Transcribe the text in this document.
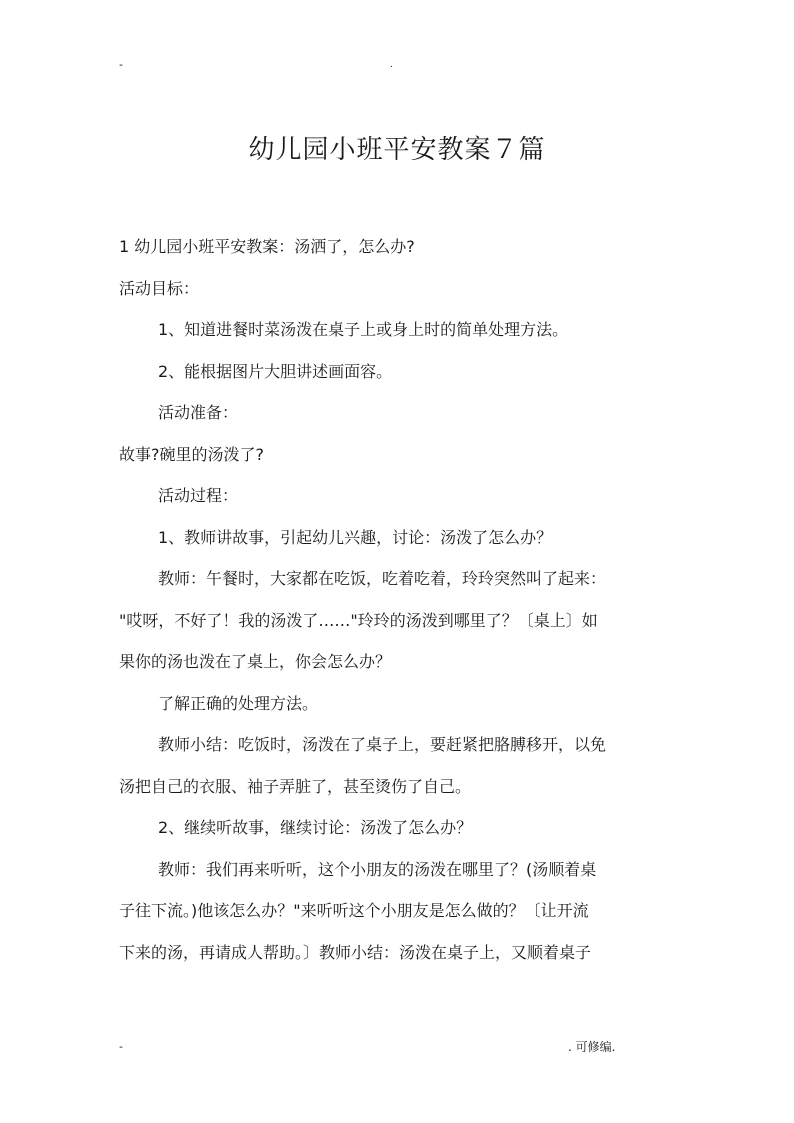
-	.
幼儿园小班平安教案７篇

1 幼儿园小班平安教案：汤洒了，怎么办?

活动目标：

1、知道进餐时菜汤泼在桌子上或身上时的简单处理方法。

2、能根据图片大胆讲述画面容。

活动准备：

故事?碗里的汤泼了?

活动过程：

1、教师讲故事，引起幼儿兴趣，讨论：汤泼了怎么办？

教师：午餐时，大家都在吃饭，吃着吃着，玲玲突然叫了起来：

"哎呀，不好了！我的汤泼了……"玲玲的汤泼到哪里了？〔桌上〕如

果你的汤也泼在了桌上，你会怎么办？

了解正确的处理方法。

教师小结：吃饭时，汤泼在了桌子上，要赶紧把胳膊移开，以免

汤把自己的衣服、袖子弄脏了，甚至烫伤了自己。

2、继续听故事，继续讨论：汤泼了怎么办？

教师：我们再来听听，这个小朋友的汤泼在哪里了？(汤顺着桌

子往下流。)他该怎么办？"来听听这个小朋友是怎么做的？〔让开流

下来的汤，再请成人帮助。〕教师小结：汤泼在桌子上，又顺着桌子

-	. 可修编.
